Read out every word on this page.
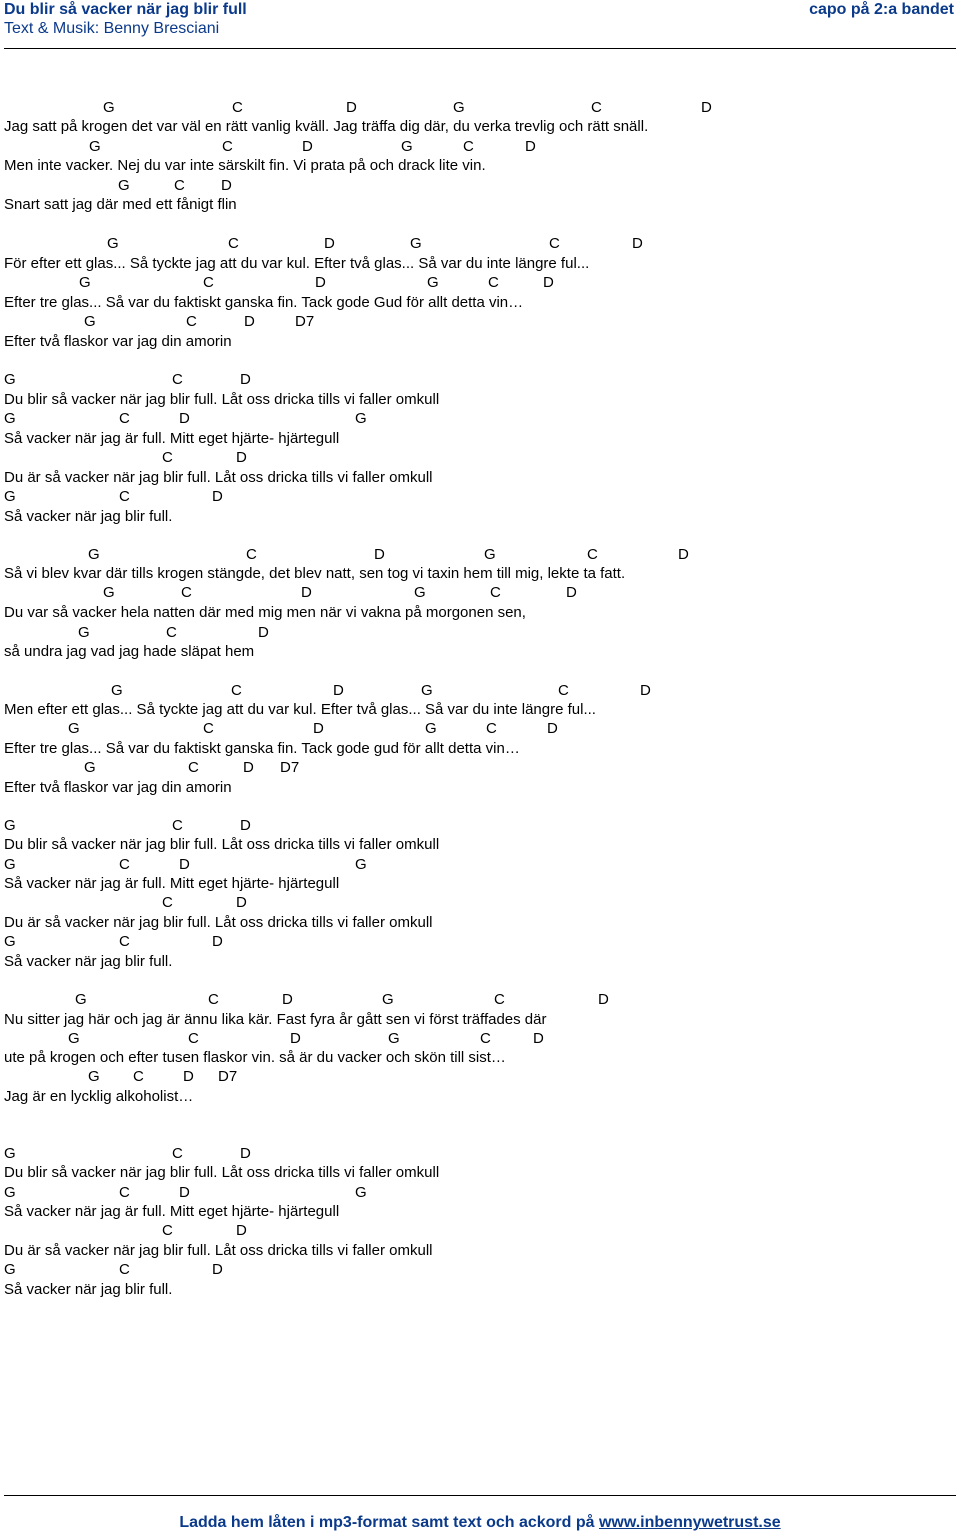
Du blir så vacker när jag blir full
Text & Musik: Benny Bresciani
capo på 2:a bandet
G	C	D	G	C	D
Jag satt på krogen det var väl en rätt vanlig kväll. Jag träffa dig där, du verka trevlig och rätt snäll.
G	C	D	G	C	D
Men inte vacker. Nej du var inte särskilt fin. Vi prata på och drack lite vin.
G	C D
Snart satt jag där med ett fånigt flin
G	C	D	G	C	D
För efter ett glas... Så tyckte jag att du var kul. Efter två glas... Så var du inte längre ful...
G	C	D	G	C	D
Efter tre glas... Så var du faktiskt ganska fin. Tack gode Gud för allt detta vin…
G	C	D	D7
Efter två flaskor var jag din amorin
G	C	D
Du blir så vacker när jag blir full. Låt oss dricka tills vi faller omkull
G	C	D	G
Så vacker när jag är full. Mitt eget hjärte- hjärtegull
C	D
Du är så vacker när jag blir full. Låt oss dricka tills vi faller omkull
G	C	D
Så vacker när jag blir full.
G	C	D	G	C	D
Så vi blev kvar där tills krogen stängde, det blev natt, sen tog vi taxin hem till mig, lekte ta fatt.
G	C	D	G	C	D
Du var så vacker hela natten där med mig men när vi vakna på morgonen sen,
G	C	D
så undra jag vad jag hade släpat hem
G	C	D	G	C	D
Men efter ett glas... Så tyckte jag att du var kul. Efter två glas... Så var du inte längre ful...
G	C	D	G	C	D
Efter tre glas... Så var du faktiskt ganska fin. Tack gode gud för allt detta vin…
G	C	D D7
Efter två flaskor var jag din amorin
G	C	D
Du blir så vacker när jag blir full. Låt oss dricka tills vi faller omkull
G	C	D	G
Så vacker när jag är full. Mitt eget hjärte- hjärtegull
C	D
Du är så vacker när jag blir full. Låt oss dricka tills vi faller omkull
G	C	D
Så vacker när jag blir full.
G	C	D	G	C	D
Nu sitter jag här och jag är ännu lika kär. Fast fyra år gått sen vi först träffades där
G	C	D	G	C	D
ute på krogen och efter tusen flaskor vin. så är du vacker och skön till sist…
G C	D D7
Jag är en lycklig alkoholist…
G	C	D
Du blir så vacker när jag blir full. Låt oss dricka tills vi faller omkull
G	C	D	G
Så vacker när jag är full. Mitt eget hjärte- hjärtegull
C	D
Du är så vacker när jag blir full. Låt oss dricka tills vi faller omkull
G	C	D
Så vacker när jag blir full.
Ladda hem låten i mp3-format samt text och ackord på www.inbennywetrust.se
